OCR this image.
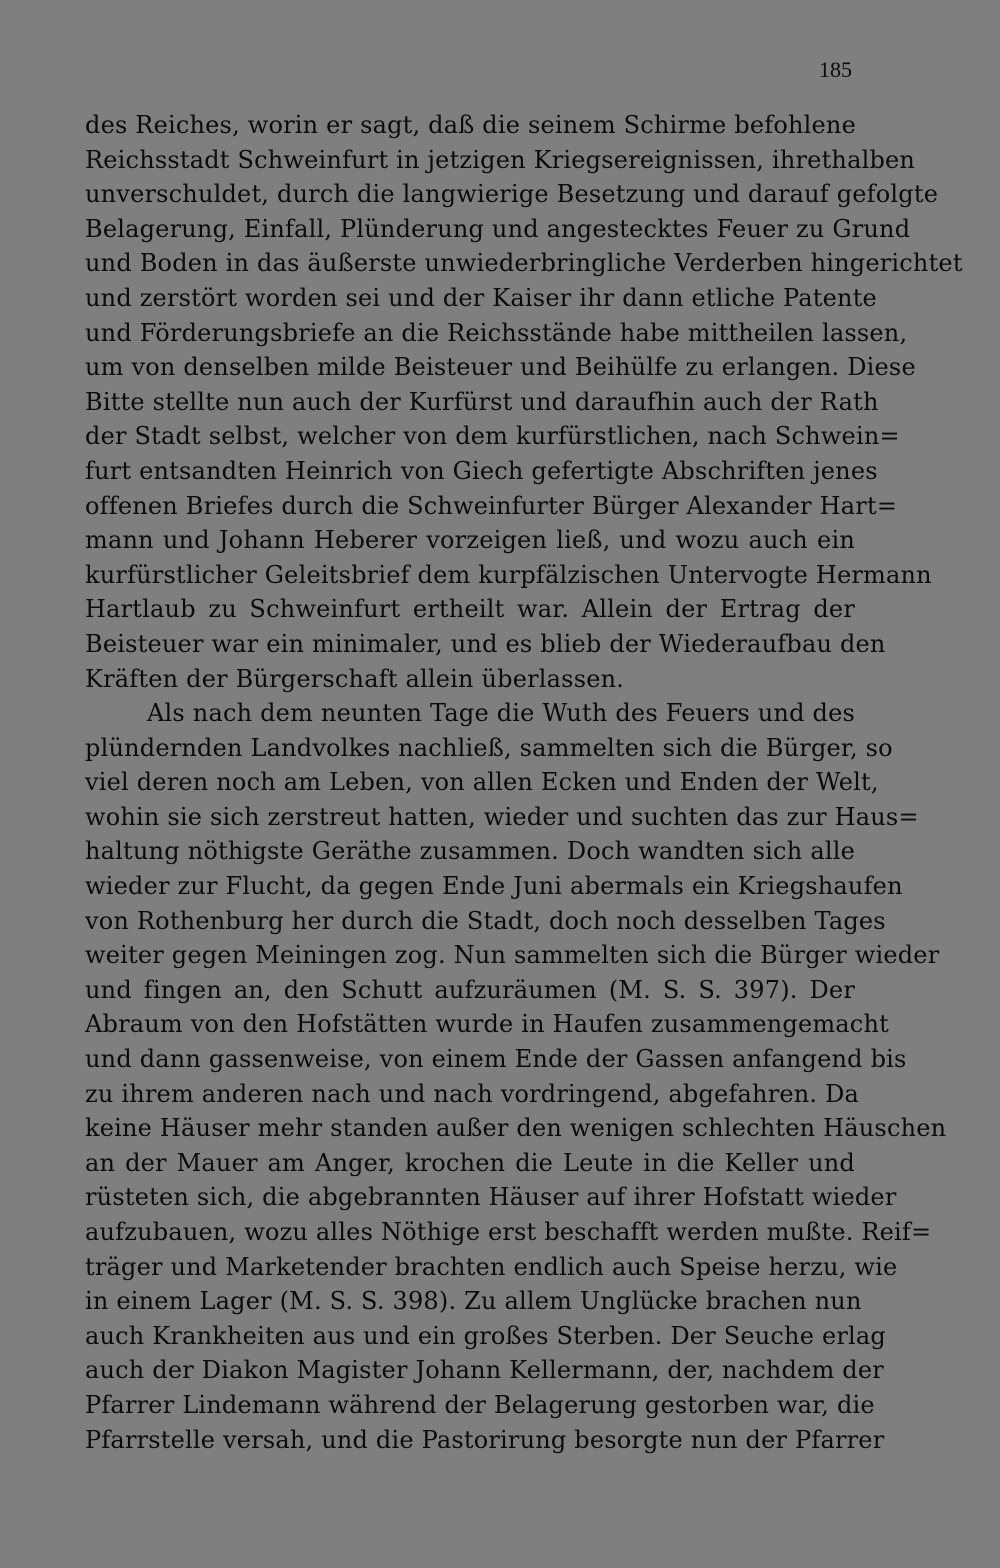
185
des Reiches, worin er sagt, daß die seinem Schirme befohlene
Reichsstadt Schweinfurt in jetzigen Kriegsereignissen, ihrethalben
unverschuldet, durch die langwierige Besetzung und darauf gefolgte
Belagerung, Einfall, Plünderung und angestecktes Feuer zu Grund
und Boden in das äußerste unwiederbringliche Verderben hingerichtet
und zerstört worden sei und der Kaiser ihr dann etliche Patente
und Förderungsbriefe an die Reichsstände habe mittheilen lassen,
um von denselben milde Beisteuer und Beihülfe zu erlangen. Diese
Bitte stellte nun auch der Kurfürst und daraufhin auch der Rath
der Stadt selbst, welcher von dem kurfürstlichen, nach Schwein=
furt entsandten Heinrich von Giech gefertigte Abschriften jenes
offenen Briefes durch die Schweinfurter Bürger Alexander Hart=
mann und Johann Heberer vorzeigen ließ, und wozu auch ein
kurfürstlicher Geleitsbrief dem kurpfälzischen Untervogte Hermann
Hartlaub zu Schweinfurt ertheilt war. Allein der Ertrag der
Beisteuer war ein minimaler, und es blieb der Wiederaufbau den
Kräften der Bürgerschaft allein überlassen.
Als nach dem neunten Tage die Wuth des Feuers und des
plündernden Landvolkes nachließ, sammelten sich die Bürger, so
viel deren noch am Leben, von allen Ecken und Enden der Welt,
wohin sie sich zerstreut hatten, wieder und suchten das zur Haus=
haltung nöthigste Geräthe zusammen. Doch wandten sich alle
wieder zur Flucht, da gegen Ende Juni abermals ein Kriegshaufen
von Rothenburg her durch die Stadt, doch noch desselben Tages
weiter gegen Meiningen zog. Nun sammelten sich die Bürger wieder
und fingen an, den Schutt aufzuräumen (M. S. S. 397). Der
Abraum von den Hofstätten wurde in Haufen zusammengemacht
und dann gassenweise, von einem Ende der Gassen anfangend bis
zu ihrem anderen nach und nach vordringend, abgefahren. Da
keine Häuser mehr standen außer den wenigen schlechten Häuschen
an der Mauer am Anger, krochen die Leute in die Keller und
rüsteten sich, die abgebrannten Häuser auf ihrer Hofstatt wieder
aufzubauen, wozu alles Nöthige erst beschafft werden mußte. Reif=
träger und Marketender brachten endlich auch Speise herzu, wie
in einem Lager (M. S. S. 398). Zu allem Unglücke brachen nun
auch Krankheiten aus und ein großes Sterben. Der Seuche erlag
auch der Diakon Magister Johann Kellermann, der, nachdem der
Pfarrer Lindemann während der Belagerung gestorben war, die
Pfarrstelle versah, und die Pastorirung besorgte nun der Pfarrer
